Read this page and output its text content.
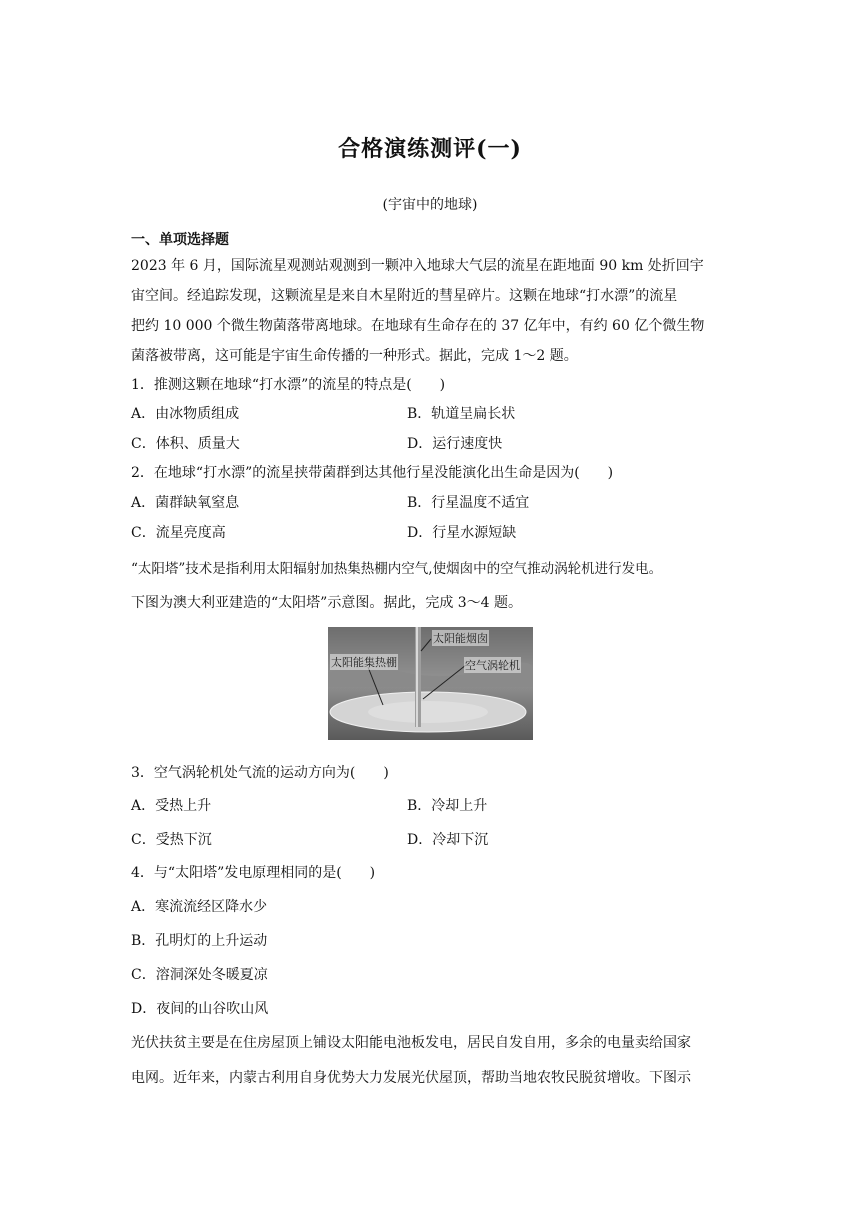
合格演练测评(一)
(宇宙中的地球)
一、单项选择题
2023 年 6 月，国际流星观测站观测到一颗冲入地球大气层的流星在距地面 90 km 处折回宇
宙空间。经追踪发现，这颗流星是来自木星附近的彗星碎片。这颗在地球“打水漂”的流星
把约 10 000 个微生物菌落带离地球。在地球有生命存在的 37 亿年中，有约 60 亿个微生物
菌落被带离，这可能是宇宙生命传播的一种形式。据此，完成 1～2 题。
1．推测这颗在地球“打水漂”的流星的特点是(　　)
A．由冰物质组成	B．轨道呈扁长状
C．体积、质量大	D．运行速度快
2．在地球“打水漂”的流星挟带菌群到达其他行星没能演化出生命是因为(　　)
A．菌群缺氧窒息	B．行星温度不适宜
C．流星亮度高	D．行星水源短缺
“太阳塔”技术是指利用太阳辐射加热集热棚内空气,使烟囱中的空气推动涡轮机进行发电。
下图为澳大利亚建造的“太阳塔”示意图。据此，完成 3～4 题。
太阳能烟囱
太阳能集热棚	空气涡轮机
3．空气涡轮机处气流的运动方向为(　　)
A．受热上升	B．冷却上升
C．受热下沉	D．冷却下沉
4．与“太阳塔”发电原理相同的是(　　)
A．寒流流经区降水少
B．孔明灯的上升运动
C．溶洞深处冬暖夏凉
D．夜间的山谷吹山风
光伏扶贫主要是在住房屋顶上铺设太阳能电池板发电，居民自发自用，多余的电量卖给国家
电网。近年来，内蒙古利用自身优势大力发展光伏屋顶，帮助当地农牧民脱贫增收。下图示
